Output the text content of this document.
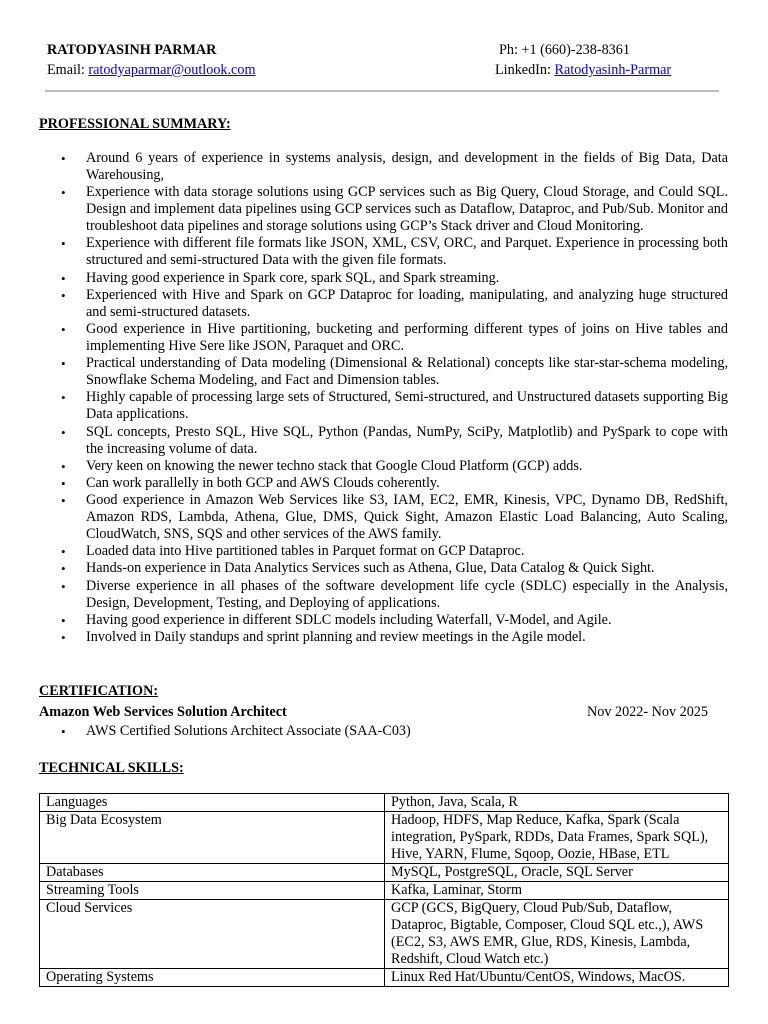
RATODYASINH PARMAR
Email: ratodyaparmar@outlook.com
Ph: +1 (660)-238-8361
LinkedIn: Ratodyasinh-Parmar
PROFESSIONAL SUMMARY:
• Around 6 years of experience in systems analysis, design, and development in the fields of Big Data, Data Warehousing,
• Experience with data storage solutions using GCP services such as Big Query, Cloud Storage, and Could SQL. Design and implement data pipelines using GCP services such as Dataflow, Dataproc, and Pub/Sub. Monitor and troubleshoot data pipelines and storage solutions using GCP’s Stack driver and Cloud Monitoring.
• Experience with different file formats like JSON, XML, CSV, ORC, and Parquet. Experience in processing both structured and semi-structured Data with the given file formats.
• Having good experience in Spark core, spark SQL, and Spark streaming.
• Experienced with Hive and Spark on GCP Dataproc for loading, manipulating, and analyzing huge structured and semi-structured datasets.
• Good experience in Hive partitioning, bucketing and performing different types of joins on Hive tables and implementing Hive Sere like JSON, Paraquet and ORC.
• Practical understanding of Data modeling (Dimensional & Relational) concepts like star-star-schema modeling, Snowflake Schema Modeling, and Fact and Dimension tables.
• Highly capable of processing large sets of Structured, Semi-structured, and Unstructured datasets supporting Big Data applications.
• SQL concepts, Presto SQL, Hive SQL, Python (Pandas, NumPy, SciPy, Matplotlib) and PySpark to cope with the increasing volume of data.
• Very keen on knowing the newer techno stack that Google Cloud Platform (GCP) adds.
• Can work parallelly in both GCP and AWS Clouds coherently.
• Good experience in Amazon Web Services like S3, IAM, EC2, EMR, Kinesis, VPC, Dynamo DB, RedShift, Amazon RDS, Lambda, Athena, Glue, DMS, Quick Sight, Amazon Elastic Load Balancing, Auto Scaling, CloudWatch, SNS, SQS and other services of the AWS family.
• Loaded data into Hive partitioned tables in Parquet format on GCP Dataproc.
• Hands-on experience in Data Analytics Services such as Athena, Glue, Data Catalog & Quick Sight.
• Diverse experience in all phases of the software development life cycle (SDLC) especially in the Analysis, Design, Development, Testing, and Deploying of applications.
• Having good experience in different SDLC models including Waterfall, V-Model, and Agile.
• Involved in Daily standups and sprint planning and review meetings in the Agile model.
CERTIFICATION:
Amazon Web Services Solution Architect	Nov 2022- Nov 2025
• AWS Certified Solutions Architect Associate (SAA-C03)
TECHNICAL SKILLS:
Languages	Python, Java, Scala, R
Big Data Ecosystem	Hadoop, HDFS, Map Reduce, Kafka, Spark (Scala integration, PySpark, RDDs, Data Frames, Spark SQL), Hive, YARN, Flume, Sqoop, Oozie, HBase, ETL
Databases	MySQL, PostgreSQL, Oracle, SQL Server
Streaming Tools	Kafka, Laminar, Storm
Cloud Services	GCP (GCS, BigQuery, Cloud Pub/Sub, Dataflow, Dataproc, Bigtable, Composer, Cloud SQL etc.,), AWS (EC2, S3, AWS EMR, Glue, RDS, Kinesis, Lambda, Redshift, Cloud Watch etc.)
Operating Systems	Linux Red Hat/Ubuntu/CentOS, Windows, MacOS.
